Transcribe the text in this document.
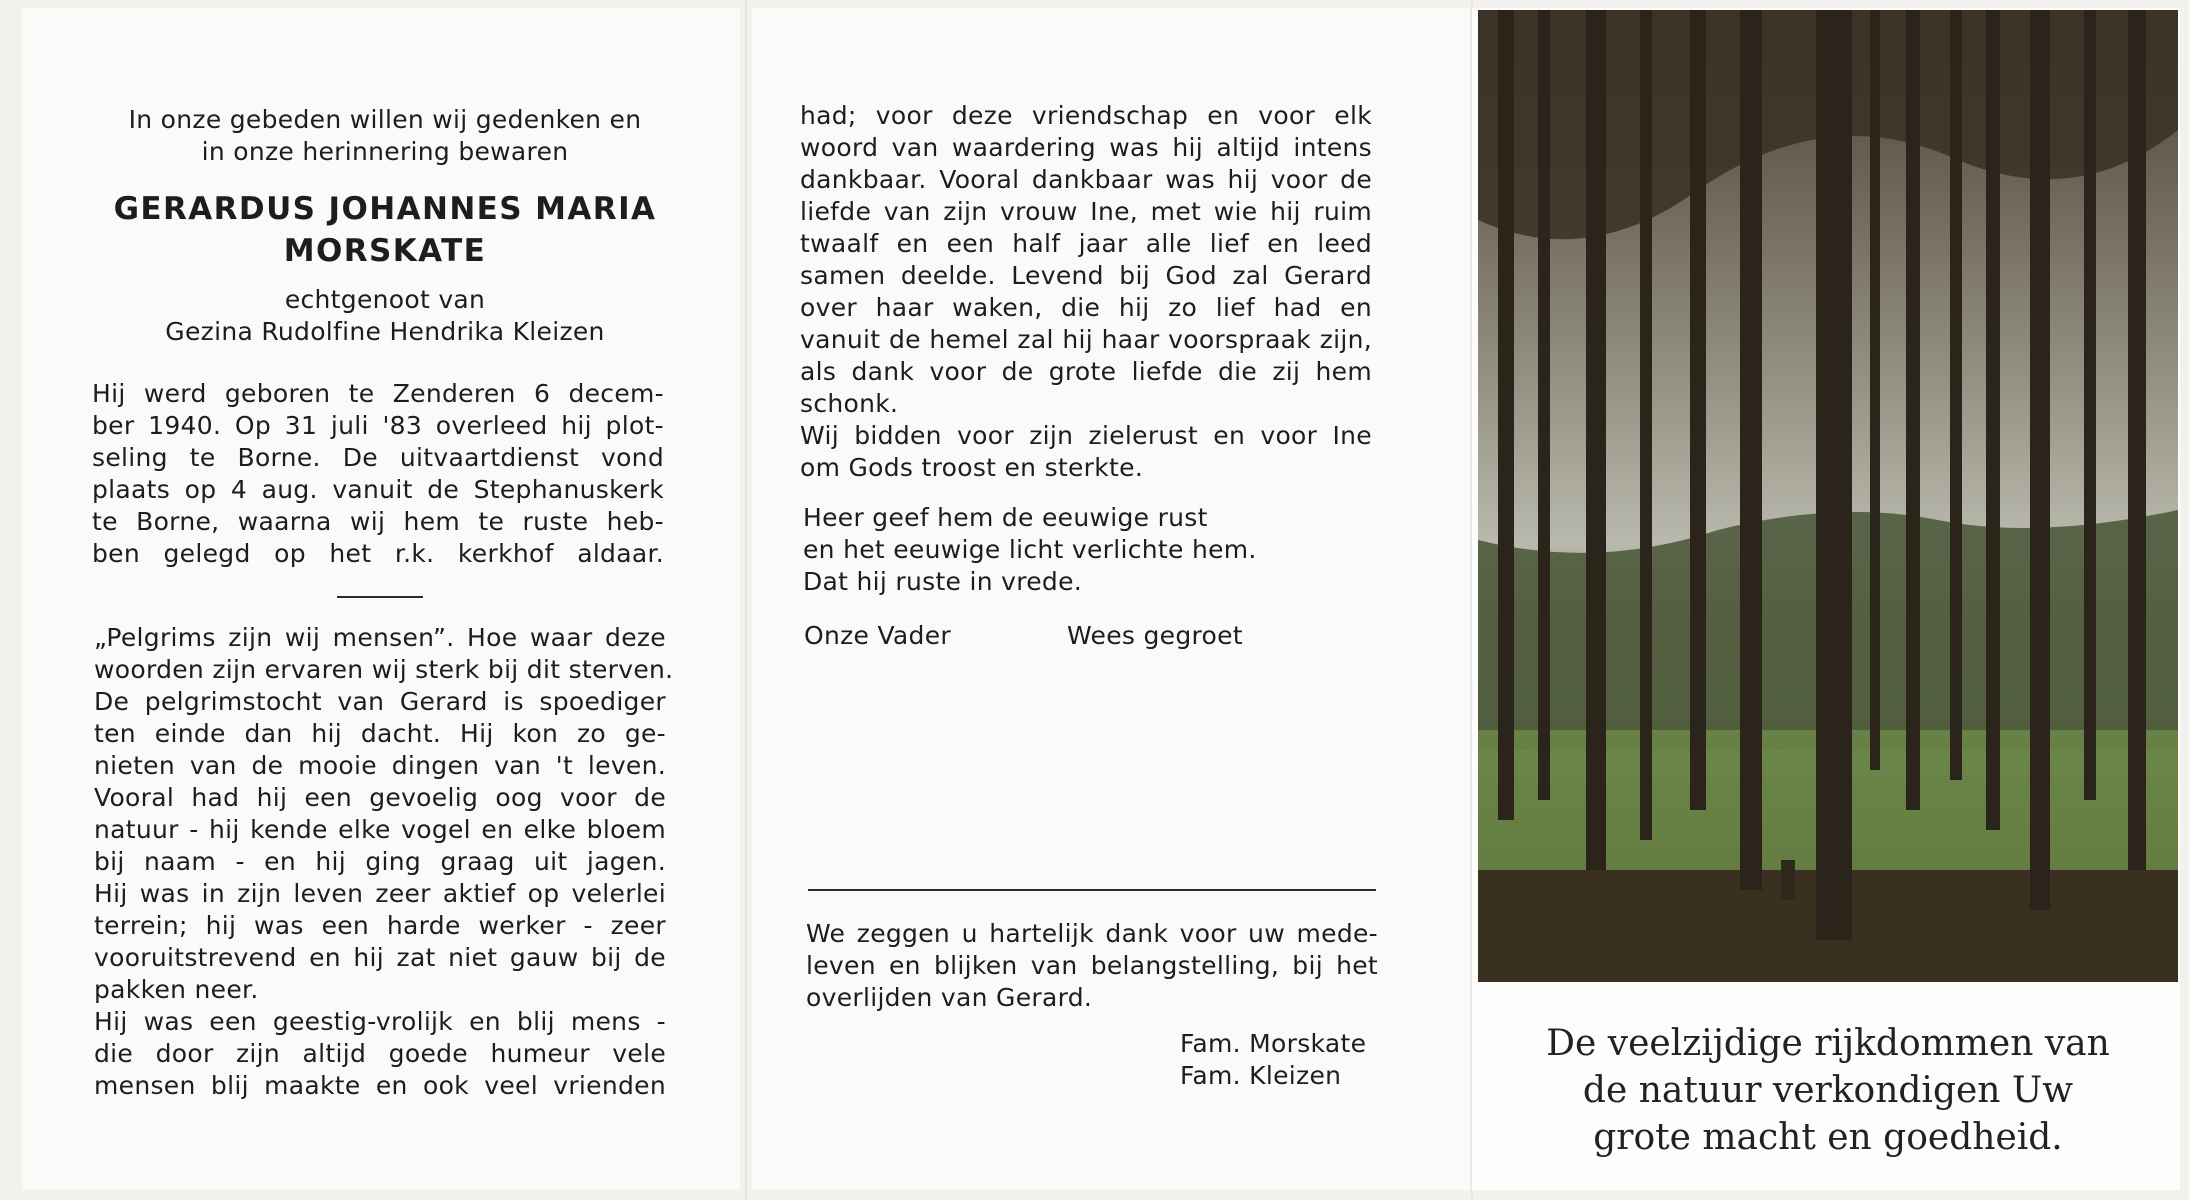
In onze gebeden willen wij gedenken en
in onze herinnering bewaren
GERARDUS JOHANNES MARIA
MORSKATE
echtgenoot van
Gezina Rudolfine Hendrika Kleizen
Hij werd geboren te Zenderen 6 decem-
ber 1940. Op 31 juli '83 overleed hij plot-
seling te Borne. De uitvaartdienst vond
plaats op 4 aug. vanuit de Stephanuskerk
te Borne, waarna wij hem te ruste heb-
ben gelegd op het r.k. kerkhof aldaar.
„Pelgrims zijn wij mensen”. Hoe waar deze
woorden zijn ervaren wij sterk bij dit sterven.
De pelgrimstocht van Gerard is spoediger
ten einde dan hij dacht. Hij kon zo ge-
nieten van de mooie dingen van 't leven.
Vooral had hij een gevoelig oog voor de
natuur - hij kende elke vogel en elke bloem
bij naam - en hij ging graag uit jagen.
Hij was in zijn leven zeer aktief op velerlei
terrein; hij was een harde werker - zeer
vooruitstrevend en hij zat niet gauw bij de
pakken neer.
Hij was een geestig-vrolijk en blij mens -
die door zijn altijd goede humeur vele
mensen blij maakte en ook veel vrienden
had; voor deze vriendschap en voor elk
woord van waardering was hij altijd intens
dankbaar. Vooral dankbaar was hij voor de
liefde van zijn vrouw Ine, met wie hij ruim
twaalf en een half jaar alle lief en leed
samen deelde. Levend bij God zal Gerard
over haar waken, die hij zo lief had en
vanuit de hemel zal hij haar voorspraak zijn,
als dank voor de grote liefde die zij hem
schonk.
Wij bidden voor zijn zielerust en voor Ine
om Gods troost en sterkte.
Heer geef hem de eeuwige rust
en het eeuwige licht verlichte hem.
Dat hij ruste in vrede.
Onze Vader	Wees gegroet
We zeggen u hartelijk dank voor uw mede-
leven en blijken van belangstelling, bij het
overlijden van Gerard.
Fam. Morskate
Fam. Kleizen
De veelzijdige rijkdommen van
de natuur verkondigen Uw
grote macht en goedheid.
